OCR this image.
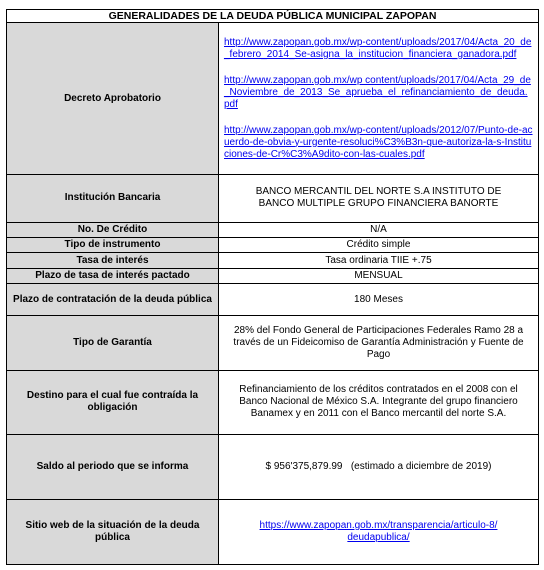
GENERALIDADES DE LA DEUDA PÚBLICA MUNICIPAL ZAPOPAN	
Decreto Aprobatorio	http://www.zapopan.gob.mx/wp-content/uploads/2017/04/Acta_20_de_febrero_2014_Se-asigna_la_institucion_financiera_ganadora.pdf
http://www.zapopan.gob.mx/wp content/uploads/2017/04/Acta_29_de_Noviembre_de_2013_Se_aprueba_el_refinanciamiento_de_deuda.pdf
http://www.zapopan.gob.mx/wp-content/uploads/2012/07/Punto-de-acuerdo-de-obvia-y-urgente-resoluci%C3%B3n-que-autoriza-la-s-Instituciones-de-Cr%C3%A9dito-con-las-cuales.pdf

Institución Bancaria	BANCO MERCANTIL DEL NORTE S.A INSTITUTO DE BANCO MULTIPLE GRUPO FINANCIERA BANORTE
No. De Crédito	N/A
Tipo de instrumento	Crédito simple
Tasa de interés	Tasa ordinaria TIIE +.75
Plazo de tasa de interés pactado	MENSUAL
Plazo de contratación de la deuda pública	180 Meses
Tipo de Garantía	28% del Fondo General de Participaciones Federales Ramo 28 a través de un Fideicomiso de Garantía Administración y Fuente de Pago
Destino para el cual fue contraída la obligación	Refinanciamiento de los créditos contratados en el 2008 con el Banco Nacional de México S.A. Integrante del grupo financiero Banamex y en 2011 con el Banco mercantil del norte S.A.
Saldo al periodo que se informa	$ 956'375,879.99   (estimado a diciembre de 2019)
Sitio web de la situación de la deuda pública	https://www.zapopan.gob.mx/transparencia/articulo-8/deudapublica/
